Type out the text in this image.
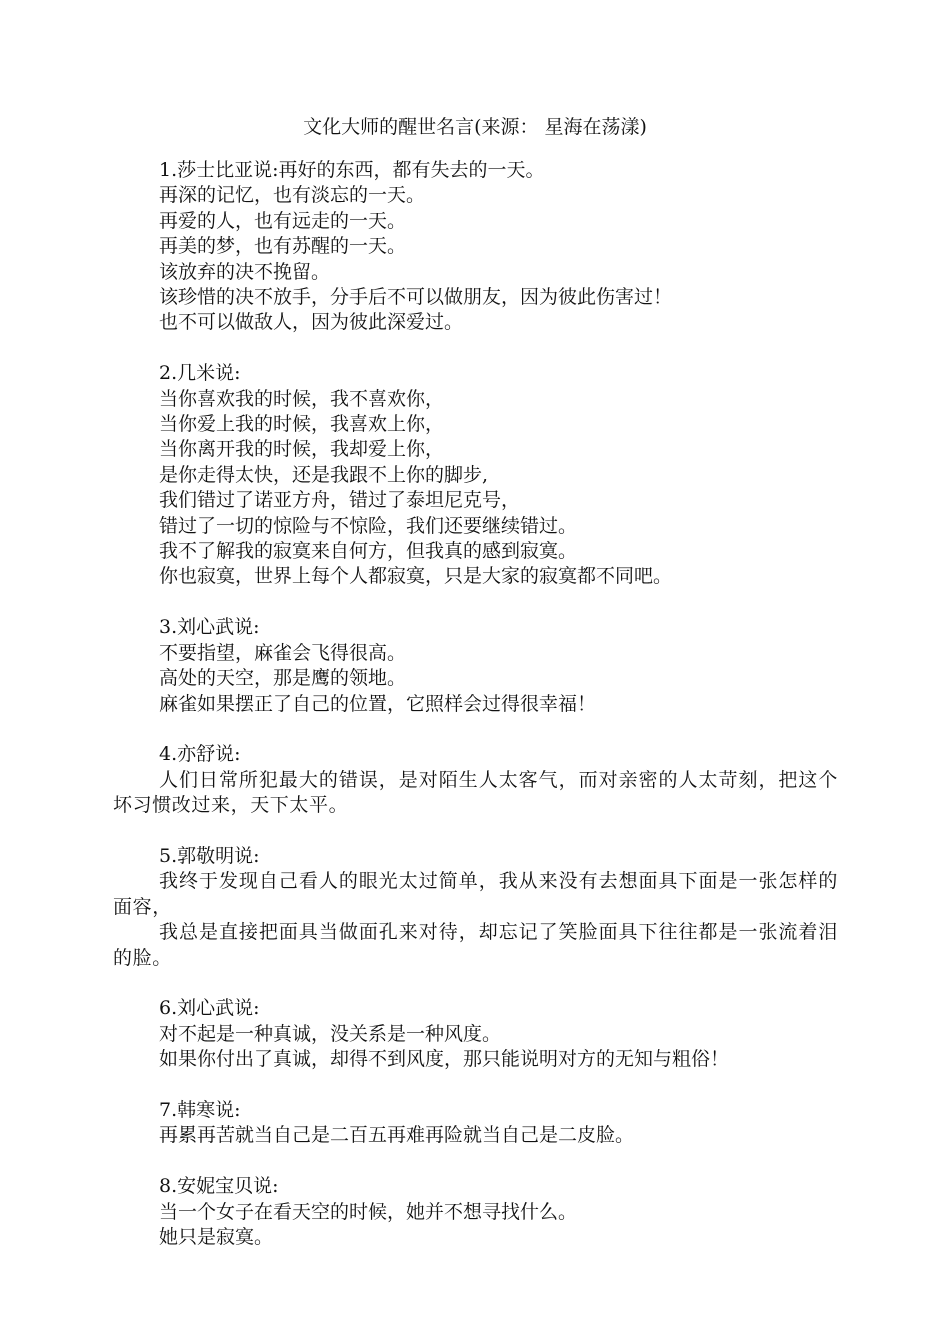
文化大师的醒世名言(来源： 星海在荡漾)
1.莎士比亚说:再好的东西，都有失去的一天。
再深的记忆，也有淡忘的一天。
再爱的人，也有远走的一天。
再美的梦，也有苏醒的一天。
该放弃的决不挽留。
该珍惜的决不放手，分手后不可以做朋友，因为彼此伤害过！
也不可以做敌人，因为彼此深爱过。
2.几米说:
当你喜欢我的时候，我不喜欢你，
当你爱上我的时候，我喜欢上你，
当你离开我的时候，我却爱上你，
是你走得太快，还是我跟不上你的脚步,
我们错过了诺亚方舟，错过了泰坦尼克号，
错过了一切的惊险与不惊险，我们还要继续错过。
我不了解我的寂寞来自何方，但我真的感到寂寞。
你也寂寞，世界上每个人都寂寞，只是大家的寂寞都不同吧。
3.刘心武说:
不要指望，麻雀会飞得很高。
高处的天空，那是鹰的领地。
麻雀如果摆正了自己的位置，它照样会过得很幸福！
4.亦舒说:
人们日常所犯最大的错误，是对陌生人太客气，而对亲密的人太苛刻，把这个坏习惯改过来，天下太平。
5.郭敬明说:
我终于发现自己看人的眼光太过简单，我从来没有去想面具下面是一张怎样的面容，
我总是直接把面具当做面孔来对待，却忘记了笑脸面具下往往都是一张流着泪的脸。
6.刘心武说:
对不起是一种真诚，没关系是一种风度。
如果你付出了真诚，却得不到风度，那只能说明对方的无知与粗俗！
7.韩寒说:
再累再苦就当自己是二百五再难再险就当自己是二皮脸。
8.安妮宝贝说:
当一个女子在看天空的时候，她并不想寻找什么。
她只是寂寞。
